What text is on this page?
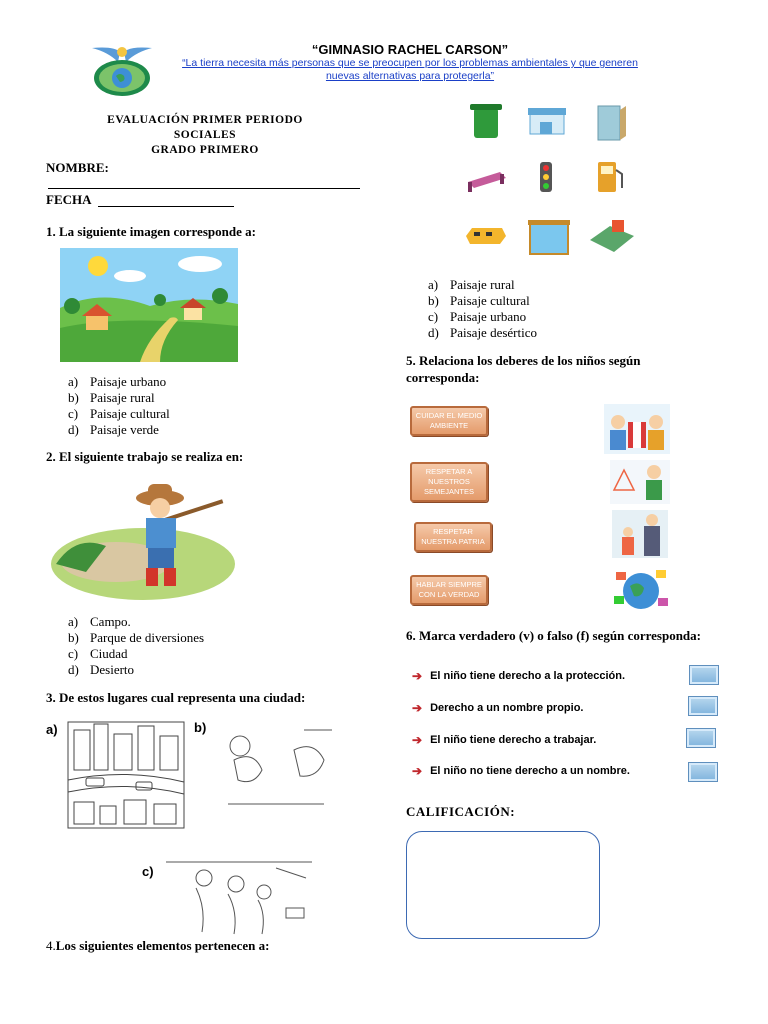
“GIMNASIO RACHEL CARSON”
“La tierra necesita más personas que se preocupen por los problemas ambientales y que generen nuevas alternativas para protegerla”
EVALUACIÓN PRIMER PERIODO
SOCIALES
GRADO PRIMERO
NOMBRE:
FECHA
1. La siguiente imagen corresponde a:
a) Paisaje urbano
b) Paisaje rural
c) Paisaje cultural
d) Paisaje verde
2. El siguiente trabajo se realiza en:
a) Campo.
b) Parque de diversiones
c) Ciudad
d) Desierto
3. De estos lugares cual representa una ciudad:
a)	b)
c)
4.Los siguientes elementos pertenecen a:
a) Paisaje rural
b) Paisaje cultural
c) Paisaje urbano
d) Paisaje desértico
5. Relaciona los deberes de los niños según corresponda:
CUIDAR EL MEDIO AMBIENTE
RESPETAR A NUESTROS SEMEJANTES
RESPETAR NUESTRA PATRIA
HABLAR SIEMPRE CON LA VERDAD
6. Marca verdadero (v) o falso (f) según corresponda:
➔ El niño tiene derecho a la protección.
➔ Derecho a un nombre propio.
➔ El niño tiene derecho a trabajar.
➔ El niño no tiene derecho a un nombre.
CALIFICACIÓN:
